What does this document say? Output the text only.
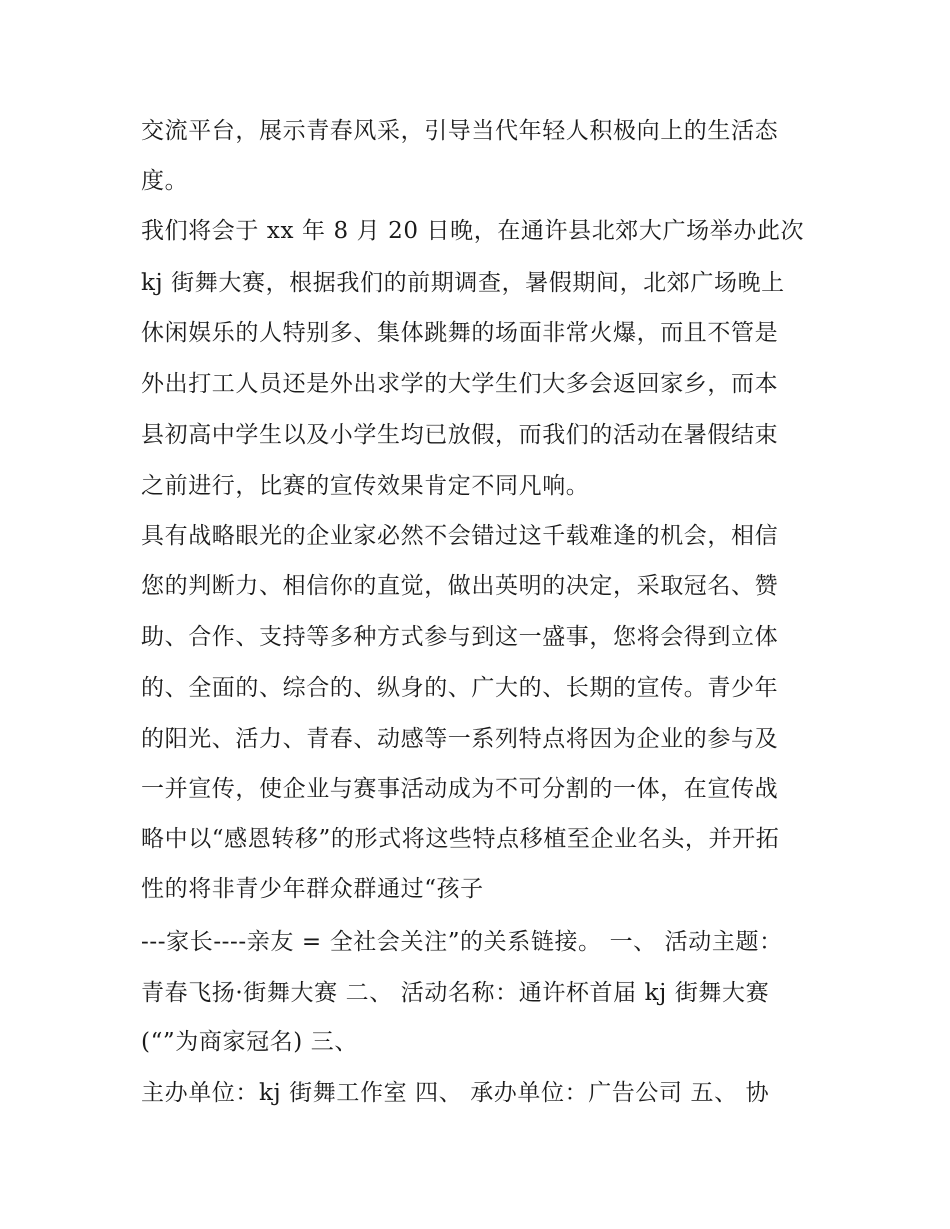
交流平台，展示青春风采，引导当代年轻人积极向上的生活态
度。
我们将会于 xx 年 8 月 20 日晚，在通许县北郊大广场举办此次
kj 街舞大赛，根据我们的前期调查，暑假期间，北郊广场晚上
休闲娱乐的人特别多、集体跳舞的场面非常火爆，而且不管是
外出打工人员还是外出求学的大学生们大多会返回家乡，而本
县初高中学生以及小学生均已放假，而我们的活动在暑假结束
之前进行，比赛的宣传效果肯定不同凡响。
具有战略眼光的企业家必然不会错过这千载难逢的机会，相信
您的判断力、相信你的直觉，做出英明的决定，采取冠名、赞
助、合作、支持等多种方式参与到这一盛事，您将会得到立体
的、全面的、综合的、纵身的、广大的、长期的宣传。青少年
的阳光、活力、青春、动感等一系列特点将因为企业的参与及
一并宣传，使企业与赛事活动成为不可分割的一体，在宣传战
略中以“感恩转移”的形式将这些特点移植至企业名头，并开拓
性的将非青少年群众群通过“孩子
---家长----亲友 = 全社会关注”的关系链接。 一、 活动主题：
青春飞扬·街舞大赛 二、 活动名称：通许杯首届 kj 街舞大赛
(“”为商家冠名) 三、
主办单位：kj 街舞工作室 四、 承办单位：广告公司 五、 协
